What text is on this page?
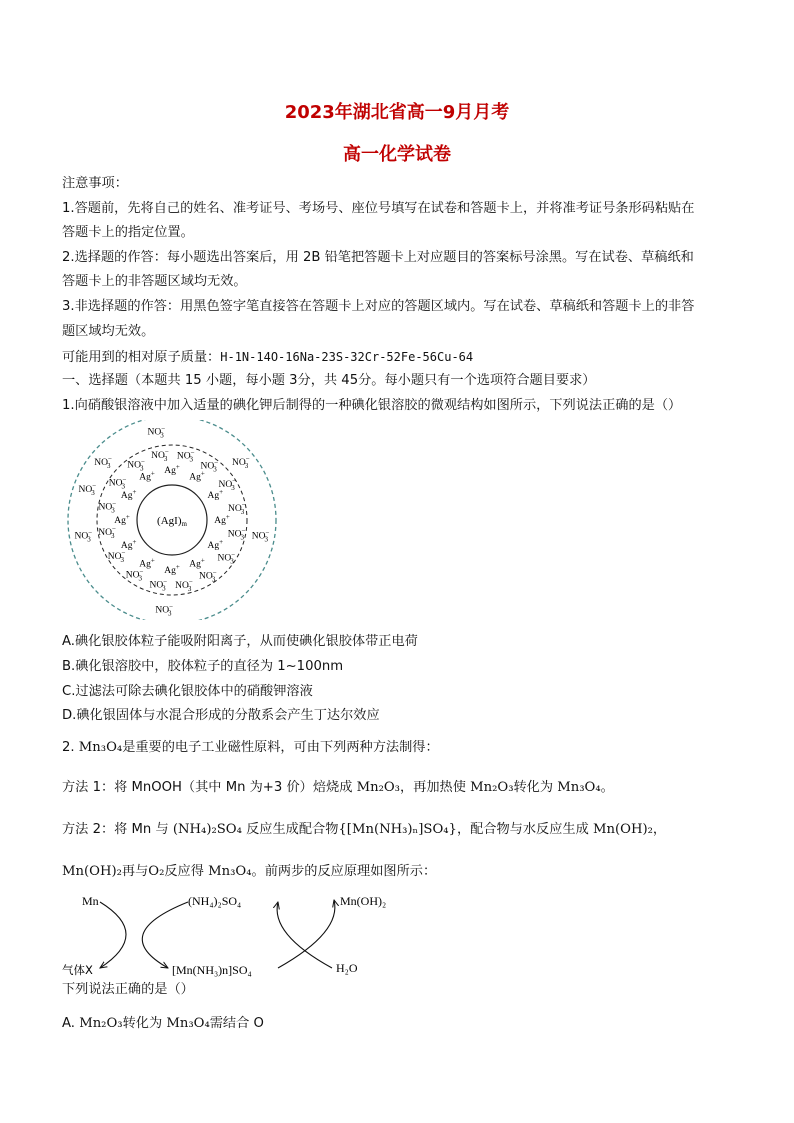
2023年湖北省高一9月月考
高一化学试卷
注意事项：
1.答题前，先将自己的姓名、准考证号、考场号、座位号填写在试卷和答题卡上，并将准考证号条形码粘贴在
答题卡上的指定位置。
2.选择题的作答：每小题选出答案后，用 2B 铅笔把答题卡上对应题目的答案标号涂黑。写在试卷、草稿纸和
答题卡上的非答题区域均无效。
3.非选择题的作答：用黑色签字笔直接答在答题卡上对应的答题区域内。写在试卷、草稿纸和答题卡上的非答
题区域均无效。
可能用到的相对原子质量：H-1N-14O-16Na-23S-32Cr-52Fe-56Cu-64
一、选择题（本题共 15 小题，每小题 3分，共 45分。每小题只有一个选项符合题目要求）
1.向硝酸银溶液中加入适量的碘化钾后制得的一种碘化银溶胶的微观结构如图所示，下列说法正确的是（）
Ag+
Ag+
Ag+
Ag+
Ag+
Ag+
Ag+
Ag+
Ag+
Ag+
Ag+
Ag+
NO− 3
NO− 3
NO− 3
NO− 3
NO− 3
NO− 3
NO− 3
NO− 3
NO− 3
NO− 3
NO− 3
NO− 3
NO− 3
NO− 3
NO− 3
NO− 3
NO− 3
NO− 3
NO− 3
NO− 3
NO− 3
NO− 3
NO− 3
(AgI)m
A.碘化银胶体粒子能吸附阳离子，从而使碘化银胶体带正电荷
B.碘化银溶胶中，胶体粒子的直径为 1~100nm
C.过滤法可除去碘化银胶体中的硝酸钾溶液
D.碘化银固体与水混合形成的分散系会产生丁达尔效应
2. Mn₃O₄是重要的电子工业磁性原料，可由下列两种方法制得：
方法 1：将 MnOOH（其中 Mn 为+3 价）焙烧成 Mn₂O₃，再加热使 Mn₂O₃转化为 Mn₃O₄。
方法 2：将 Mn 与 (NH₄)₂SO₄ 反应生成配合物{[Mn(NH₃)ₙ]SO₄}，配合物与水反应生成 Mn(OH)₂，
Mn(OH)₂再与O₂反应得 Mn₃O₄。前两步的反应原理如图所示：
Mn	(NH₄)₂SO₄	Mn(OH)₂
气体X	[Mn(NH₃)n]SO₄	H₂O
下列说法正确的是（）
A. Mn₂O₃转化为 Mn₃O₄需结合 O
